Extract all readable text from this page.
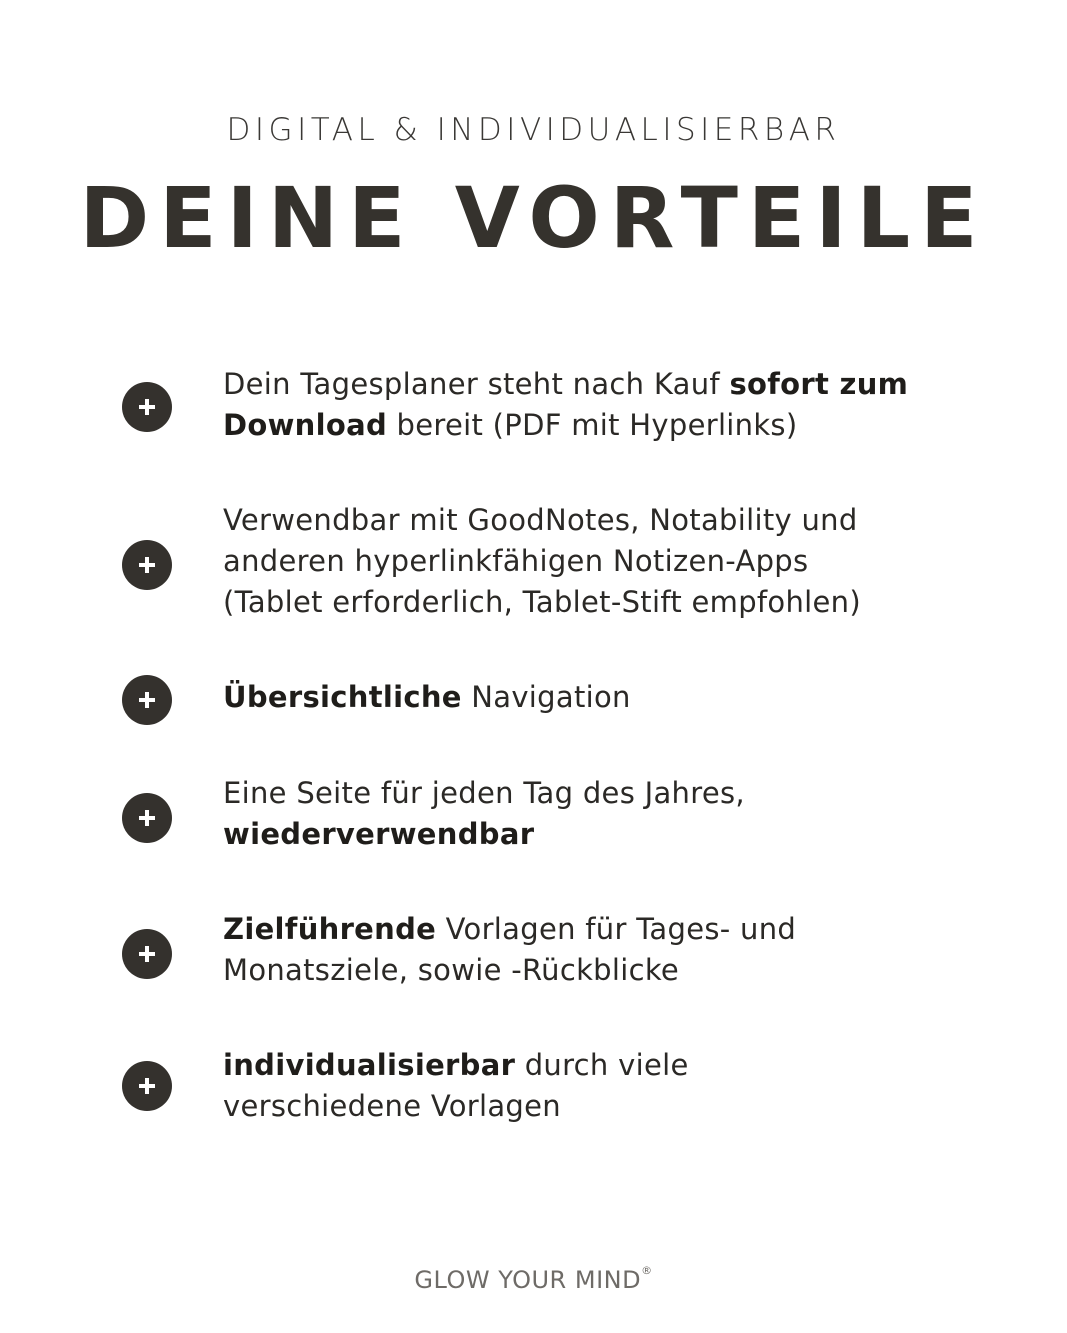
DIGITAL & INDIVIDUALISIERBAR
DEINE VORTEILE
Dein Tagesplaner steht nach Kauf sofort zum
Download bereit (PDF mit Hyperlinks)
Verwendbar mit GoodNotes, Notability und
anderen hyperlinkfähigen Notizen-Apps
(Tablet erforderlich, Tablet-Stift empfohlen)
Übersichtliche Navigation
Eine Seite für jeden Tag des Jahres,
wiederverwendbar
Zielführende Vorlagen für Tages- und
Monatsziele, sowie -Rückblicke
individualisierbar durch viele
verschiedene Vorlagen
GLOW YOUR MIND®
